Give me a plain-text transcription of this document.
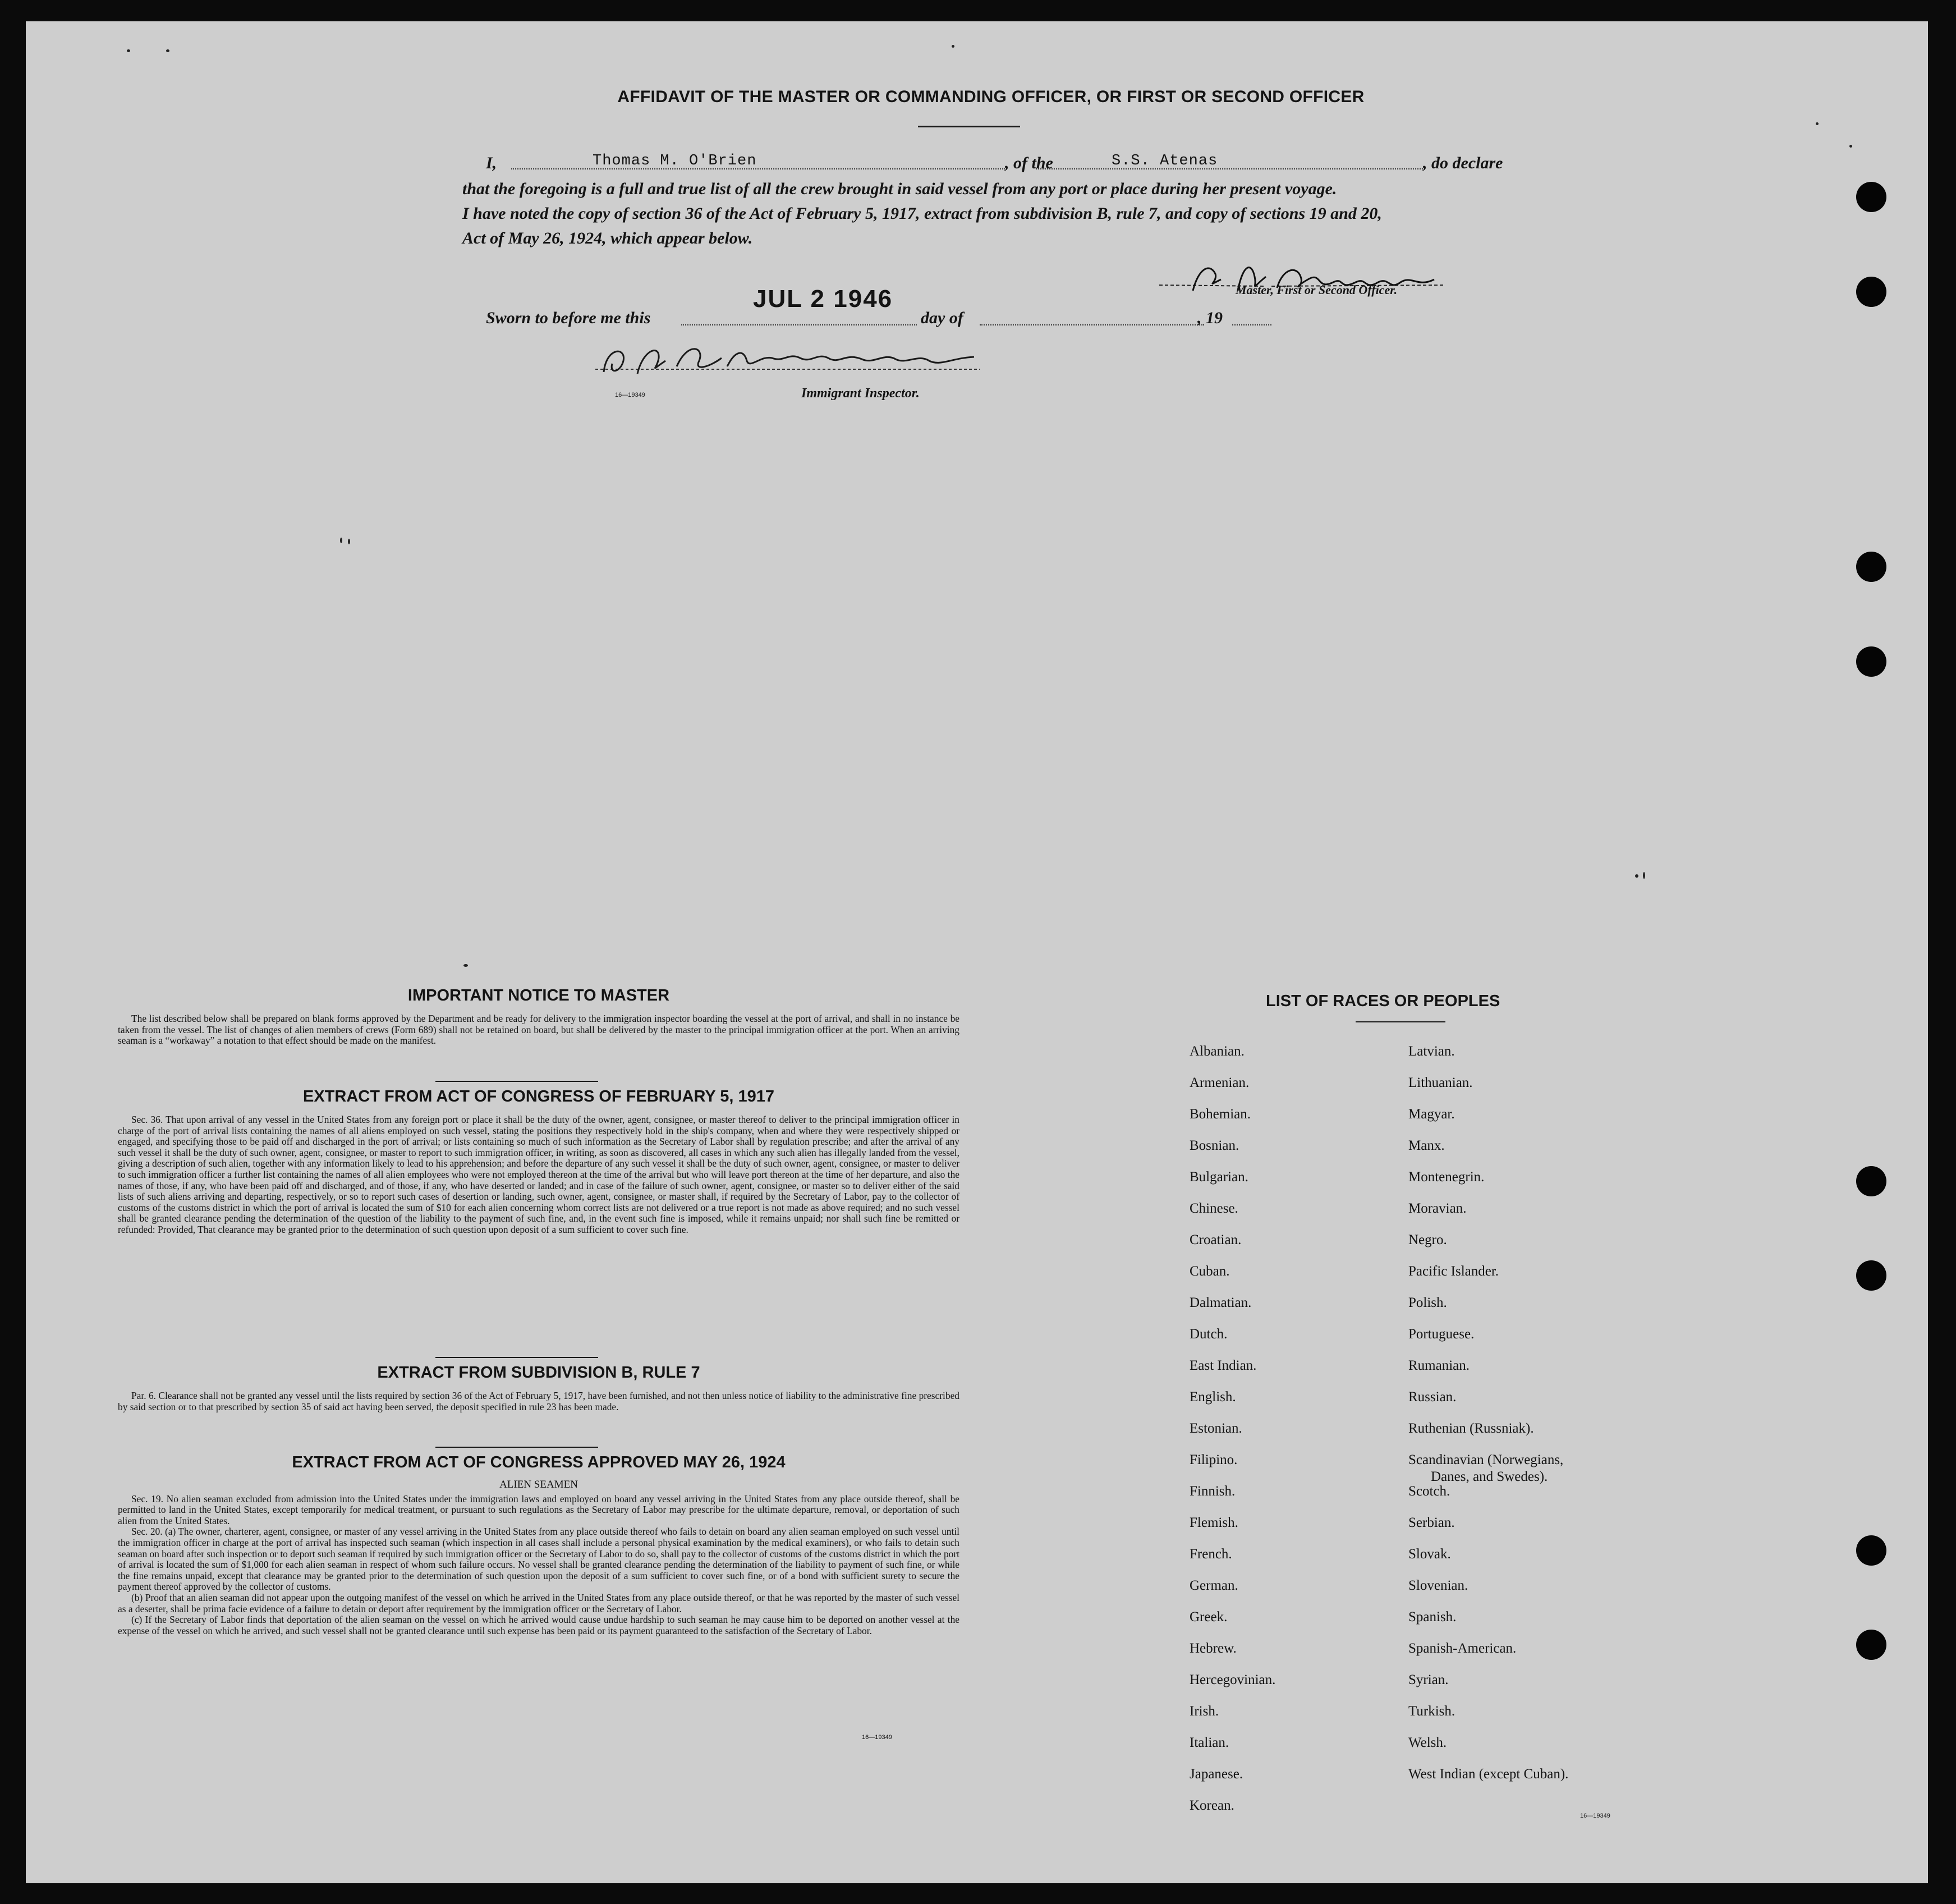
AFFIDAVIT OF THE MASTER OR COMMANDING OFFICER, OR FIRST OR SECOND OFFICER
I,	Thomas M. O'Brien	, of the	S.S. Atenas	, do declare
that the foregoing is a full and true list of all the crew brought in said vessel from any port or place during her present voyage.
I have noted the copy of section 36 of the Act of February 5, 1917, extract from subdivision B, rule 7, and copy of sections 19 and 20,
Act of May 26, 1924, which appear below.
Master, First or Second Officer.
Sworn to before me this
JUL 2 1946
day of	, 19
16—19349	Immigrant Inspector.
IMPORTANT NOTICE TO MASTER

The list described below shall be prepared on blank forms approved by the Department and be ready for delivery to the immigration inspector boarding the vessel at the port of arrival, and shall in no instance be taken from the vessel. The list of changes of alien members of crews (Form 689) shall not be retained on board, but shall be delivered by the master to the principal immigration officer at the port. When an arriving seaman is a “workaway” a notation to that effect should be made on the manifest.

EXTRACT FROM ACT OF CONGRESS OF FEBRUARY 5, 1917

Sec. 36. That upon arrival of any vessel in the United States from any foreign port or place it shall be the duty of the owner, agent, consignee, or master thereof to deliver to the principal immigration officer in charge of the port of arrival lists containing the names of all aliens employed on such vessel, stating the positions they respectively hold in the ship's company, when and where they were respectively shipped or engaged, and specifying those to be paid off and discharged in the port of arrival; or lists containing so much of such information as the Secretary of Labor shall by regulation prescribe; and after the arrival of any such vessel it shall be the duty of such owner, agent, consignee, or master to report to such immigration officer, in writing, as soon as discovered, all cases in which any such alien has illegally landed from the vessel, giving a description of such alien, together with any information likely to lead to his apprehension; and before the departure of any such vessel it shall be the duty of such owner, agent, consignee, or master to deliver to such immigration officer a further list containing the names of all alien employees who were not employed thereon at the time of the arrival but who will leave port thereon at the time of her departure, and also the names of those, if any, who have been paid off and discharged, and of those, if any, who have deserted or landed; and in case of the failure of such owner, agent, consignee, or master so to deliver either of the said lists of such aliens arriving and departing, respectively, or so to report such cases of desertion or landing, such owner, agent, consignee, or master shall, if required by the Secretary of Labor, pay to the collector of customs of the customs district in which the port of arrival is located the sum of $10 for each alien concerning whom correct lists are not delivered or a true report is not made as above required; and no such vessel shall be granted clearance pending the determination of the question of the liability to the payment of such fine, and, in the event such fine is imposed, while it remains unpaid; nor shall such fine be remitted or refunded: Provided, That clearance may be granted prior to the determination of such question upon deposit of a sum sufficient to cover such fine.

EXTRACT FROM SUBDIVISION B, RULE 7

Par. 6. Clearance shall not be granted any vessel until the lists required by section 36 of the Act of February 5, 1917, have been furnished, and not then unless notice of liability to the administrative fine prescribed by said section or to that prescribed by section 35 of said act having been served, the deposit specified in rule 23 has been made.

EXTRACT FROM ACT OF CONGRESS APPROVED MAY 26, 1924

ALIEN SEAMEN

Sec. 19. No alien seaman excluded from admission into the United States under the immigration laws and employed on board any vessel arriving in the United States from any place outside thereof, shall be permitted to land in the United States, except temporarily for medical treatment, or pursuant to such regulations as the Secretary of Labor may prescribe for the ultimate departure, removal, or deportation of such alien from the United States.

Sec. 20. (a) The owner, charterer, agent, consignee, or master of any vessel arriving in the United States from any place outside thereof who fails to detain on board any alien seaman employed on such vessel until the immigration officer in charge at the port of arrival has inspected such seaman (which inspection in all cases shall include a personal physical examination by the medical examiners), or who fails to detain such seaman on board after such inspection or to deport such seaman if required by such immigration officer or the Secretary of Labor to do so, shall pay to the collector of customs of the customs district in which the port of arrival is located the sum of $1,000 for each alien seaman in respect of whom such failure occurs. No vessel shall be granted clearance pending the determination of the liability to payment of such fine, or while the fine remains unpaid, except that clearance may be granted prior to the determination of such question upon the deposit of a sum sufficient to cover such fine, or of a bond with sufficient surety to secure the payment thereof approved by the collector of customs.

(b) Proof that an alien seaman did not appear upon the outgoing manifest of the vessel on which he arrived in the United States from any place outside thereof, or that he was reported by the master of such vessel as a deserter, shall be prima facie evidence of a failure to detain or deport after requirement by the immigration officer or the Secretary of Labor.

(c) If the Secretary of Labor finds that deportation of the alien seaman on the vessel on which he arrived would cause undue hardship to such seaman he may cause him to be deported on another vessel at the expense of the vessel on which he arrived, and such vessel shall not be granted clearance until such expense has been paid or its payment guaranteed to the satisfaction of the Secretary of Labor.

16—19349
LIST OF RACES OR PEOPLES
Albanian.
Armenian.
Bohemian.
Bosnian.
Bulgarian.
Chinese.
Croatian.
Cuban.
Dalmatian.
Dutch.
East Indian.
English.
Estonian.
Filipino.
Finnish.
Flemish.
French.
German.
Greek.
Hebrew.
Hercegovinian.
Irish.
Italian.
Japanese.
Korean.
Latvian.
Lithuanian.
Magyar.
Manx.
Montenegrin.
Moravian.
Negro.
Pacific Islander.
Polish.
Portuguese.
Rumanian.
Russian.
Ruthenian (Russniak).
Scandinavian (Norwegians,
Danes, and Swedes).
Scotch.
Serbian.
Slovak.
Slovenian.
Spanish.
Spanish-American.
Syrian.
Turkish.
Welsh.
West Indian (except Cuban).
16—19349
